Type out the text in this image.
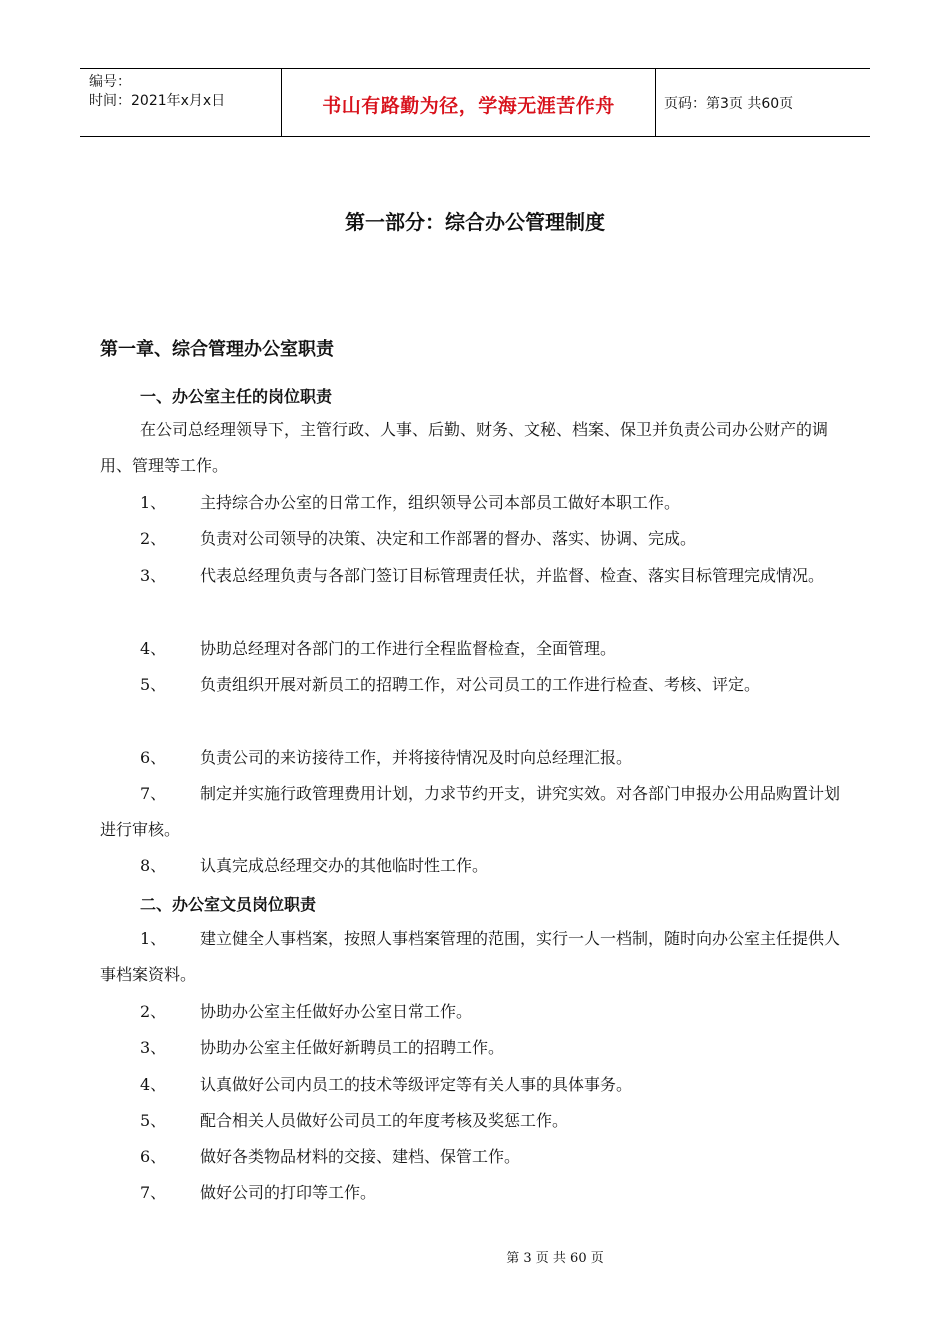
编号：
时间：2021年x月x日	书山有路勤为径，学海无涯苦作舟	页码：第3页 共60页
第一部分：综合办公管理制度
第一章、综合管理办公室职责
一、办公室主任的岗位职责
在公司总经理领导下，主管行政、人事、后勤、财务、文秘、档案、保卫并负责公司办公财产的调用、管理等工作。
1、	主持综合办公室的日常工作，组织领导公司本部员工做好本职工作。
2、	负责对公司领导的决策、决定和工作部署的督办、落实、协调、完成。
3、	代表总经理负责与各部门签订目标管理责任状，并监督、检查、落实目标管理完成情况。
4、	协助总经理对各部门的工作进行全程监督检查，全面管理。
5、	负责组织开展对新员工的招聘工作，对公司员工的工作进行检查、考核、评定。
6、	负责公司的来访接待工作，并将接待情况及时向总经理汇报。
7、	制定并实施行政管理费用计划，力求节约开支，讲究实效。对各部门申报办公用品购置计划进行审核。
8、	认真完成总经理交办的其他临时性工作。
二、办公室文员岗位职责
1、	建立健全人事档案，按照人事档案管理的范围，实行一人一档制，随时向办公室主任提供人事档案资料。
2、	协助办公室主任做好办公室日常工作。
3、	协助办公室主任做好新聘员工的招聘工作。
4、	认真做好公司内员工的技术等级评定等有关人事的具体事务。
5、	配合相关人员做好公司员工的年度考核及奖惩工作。
6、	做好各类物品材料的交接、建档、保管工作。
7、	做好公司的打印等工作。
第 3 页 共 60 页
